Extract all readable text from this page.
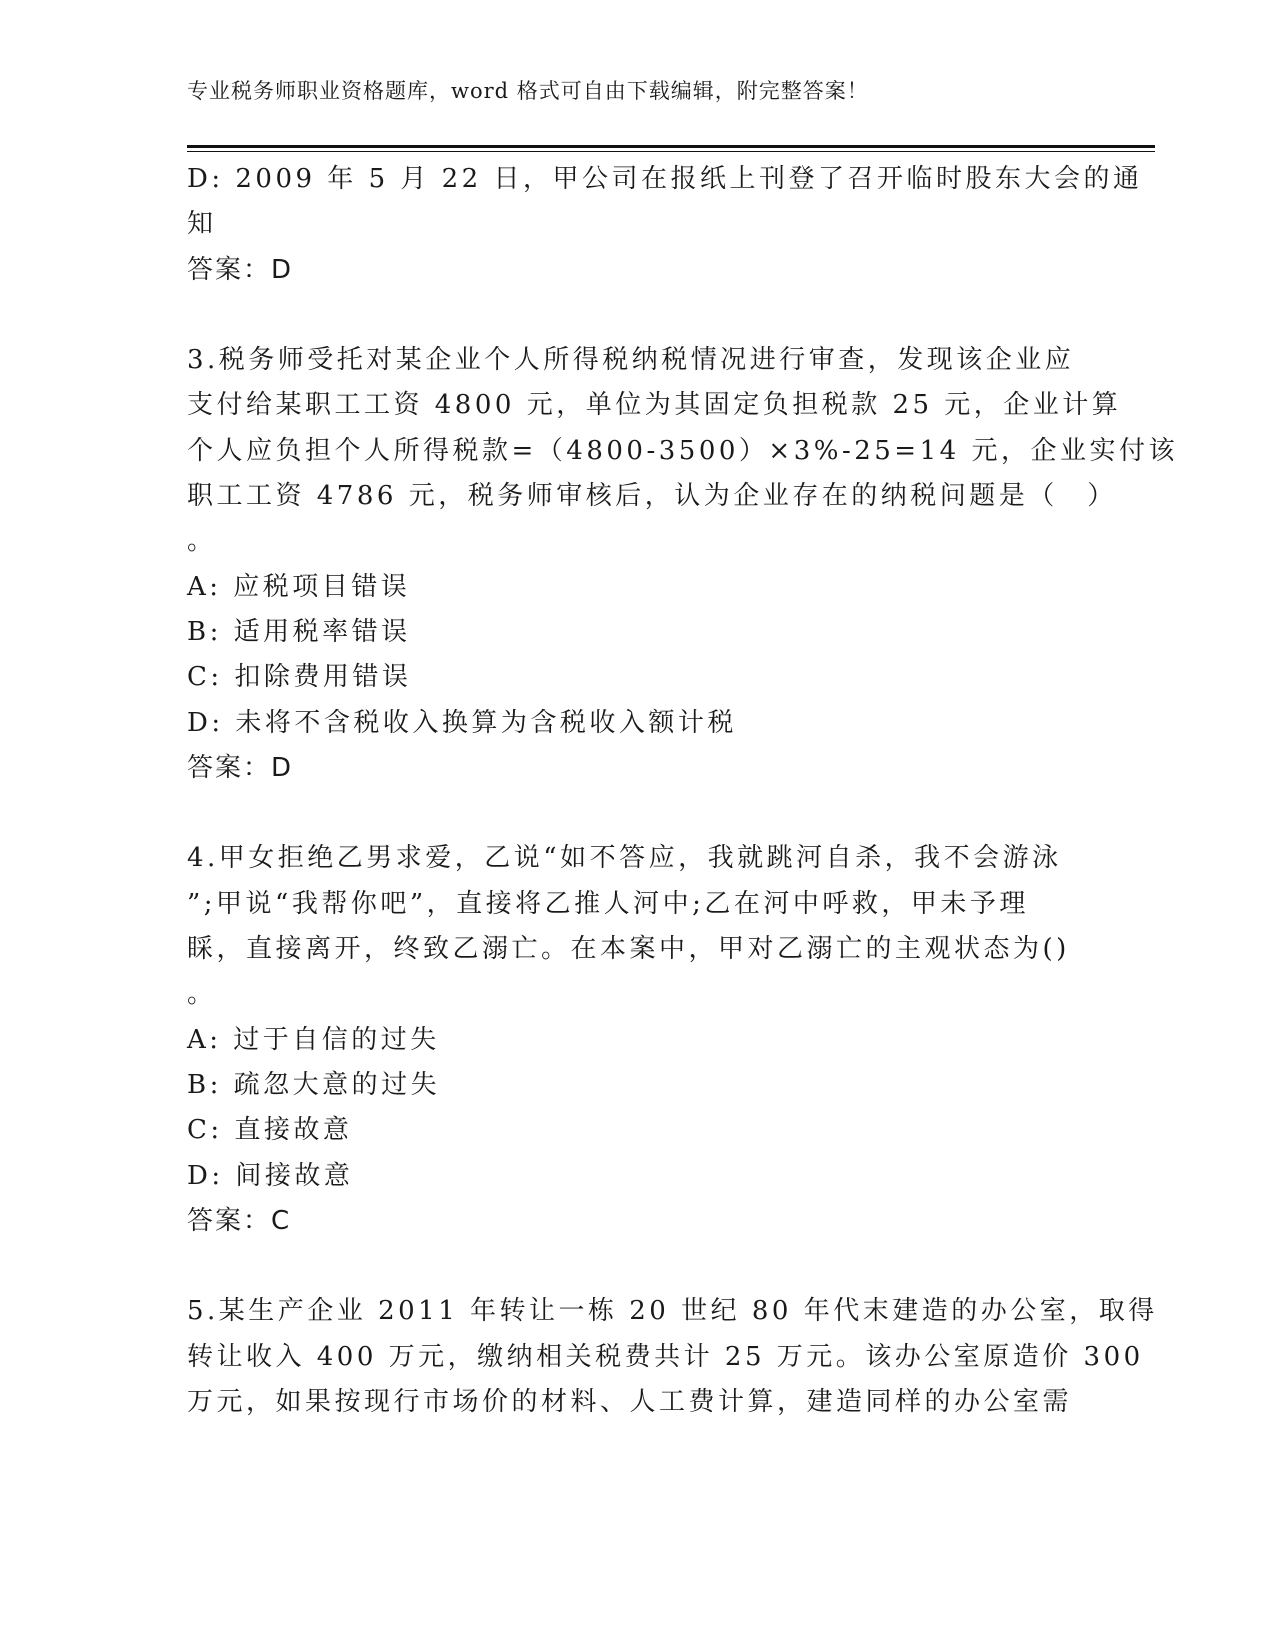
专业税务师职业资格题库，word 格式可自由下载编辑，附完整答案！
D: 2009 年 5 月 22 日，甲公司在报纸上刊登了召开临时股东大会的通
知
答案：D
3.税务师受托对某企业个人所得税纳税情况进行审查，发现该企业应
支付给某职工工资 4800 元，单位为其固定负担税款 25 元，企业计算
个人应负担个人所得税款=（4800-3500）×3%-25=14 元，企业实付该
职工工资 4786 元，税务师审核后，认为企业存在的纳税问题是（　）
。
A: 应税项目错误
B: 适用税率错误
C: 扣除费用错误
D: 未将不含税收入换算为含税收入额计税
答案：D
4.甲女拒绝乙男求爱，乙说“如不答应，我就跳河自杀，我不会游泳
”;甲说“我帮你吧”，直接将乙推人河中;乙在河中呼救，甲未予理
睬，直接离开，终致乙溺亡。在本案中，甲对乙溺亡的主观状态为()
。
A: 过于自信的过失
B: 疏忽大意的过失
C: 直接故意
D: 间接故意
答案：C
5.某生产企业 2011 年转让一栋 20 世纪 80 年代末建造的办公室，取得
转让收入 400 万元，缴纳相关税费共计 25 万元。该办公室原造价 300
万元，如果按现行市场价的材料、人工费计算，建造同样的办公室需
